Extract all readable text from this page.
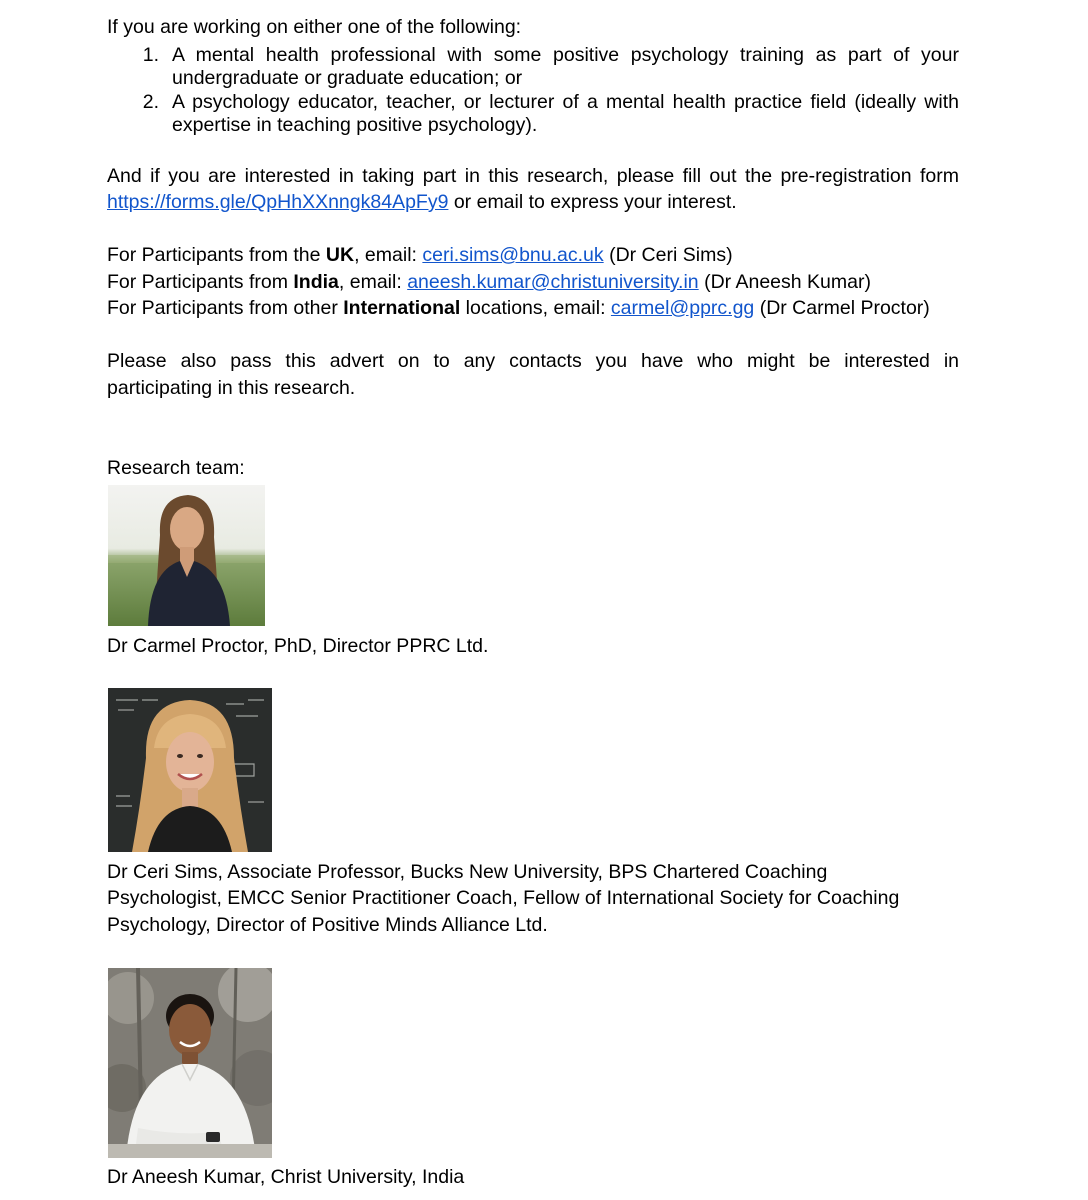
If you are working on either one of the following:

1. A mental health professional with some positive psychology training as part of your

undergraduate or graduate education; or

2. A psychology educator, teacher, or lecturer of a mental health practice field (ideally with

expertise in teaching positive psychology).

And if you are interested in taking part in this research, please fill out the pre-registration form

https://forms.gle/QpHhXXnngk84ApFy9 or email to express your interest.

For Participants from the UK, email: ceri.sims@bnu.ac.uk (Dr Ceri Sims)

For Participants from India, email: aneesh.kumar@christuniversity.in (Dr Aneesh Kumar)

For Participants from other International locations, email: carmel@pprc.gg (Dr Carmel Proctor)

Please also pass this advert on to any contacts you have who might be interested in

participating in this research.

Research team:

Dr Carmel Proctor, PhD, Director PPRC Ltd.

Dr Ceri Sims, Associate Professor, Bucks New University, BPS Chartered Coaching

Psychologist, EMCC Senior Practitioner Coach, Fellow of International Society for Coaching

Psychology, Director of Positive Minds Alliance Ltd.

Dr Aneesh Kumar, Christ University, India
